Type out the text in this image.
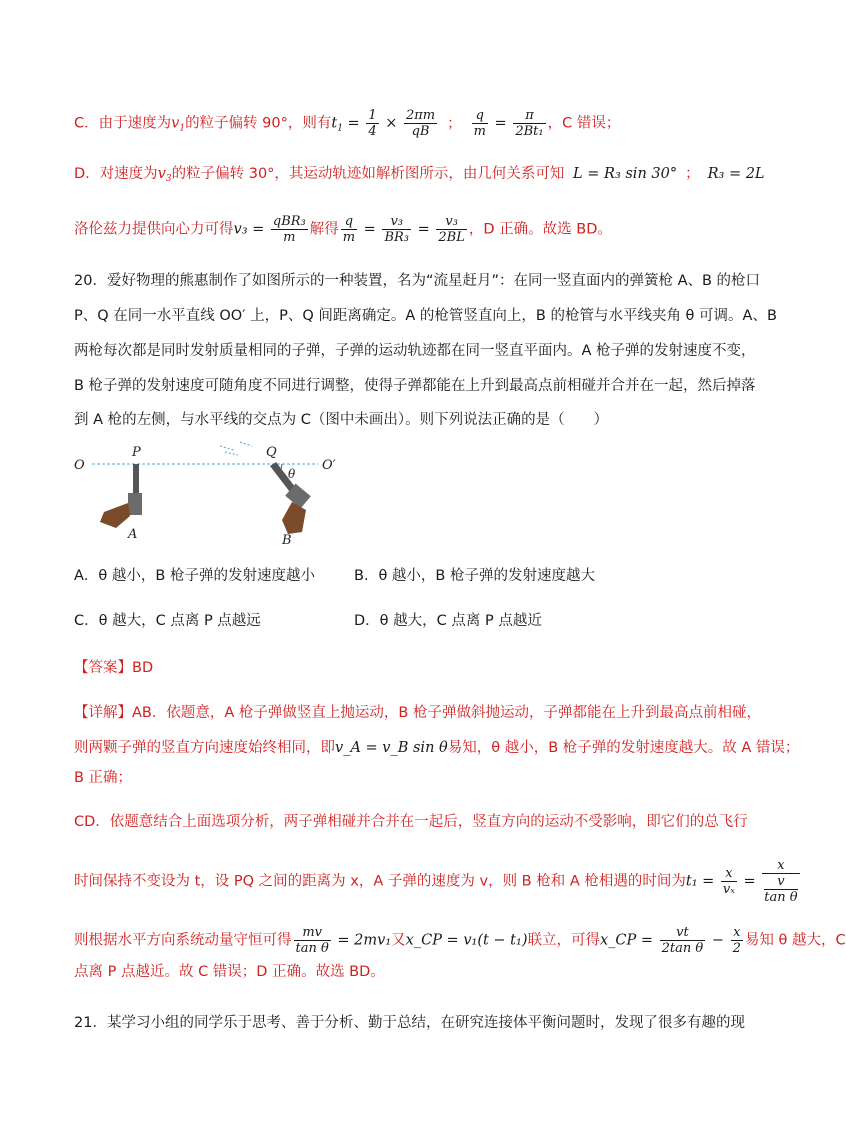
C．由于速度为$v_1$的粒子偏转 90°，则有$t_1 = \frac{1}{4} \times \frac{2\pi m}{qB}$ ； $\frac{q}{m} = \frac{\pi}{\text{2Bt₁}}$ ，C 错误；
D．对速度为$v_3$的粒子偏转 30°，其运动轨迹如解析图所示，由几何关系可知 L = R₃ sin 30° ； R₃ = 2L
洛伦兹力提供向心力可得$v_3 = \frac{\text{qBR₃}}{m}$ 解得 $\frac{q}{m} = \frac{\text{v₃}}{\text{BR₃}} = \frac{\text{v₃}}{2BL}$ ，D 正确。故选 BD。
20．爱好物理的熊惠制作了如图所示的一种装置，名为“流星赶月”：在同一竖直面内的弹簧枪 A、B 的枪口
P、Q 在同一水平直线 OO′ 上，P、Q 间距离确定。A 的枪管竖直向上，B 的枪管与水平线夹角 θ 可调。A、B
两枪每次都是同时发射质量相同的子弹，子弹的运动轨迹都在同一竖直平面内。A 枪子弹的发射速度不变，
B 枪子弹的发射速度可随角度不同进行调整，使得子弹都能在上升到最高点前相碰并合并在一起，然后掉落
到 A 枪的左侧，与水平线的交点为 C（图中未画出）。则下列说法正确的是（　　）
O
P	Q
θ
O′
A	B
A．θ 越小，B 枪子弹的发射速度越小	B．θ 越小，B 枪子弹的发射速度越大
C．θ 越大，C 点离 P 点越远	D．θ 越大，C 点离 P 点越近
【答案】BD
【详解】AB．依题意，A 枪子弹做竖直上抛运动，B 枪子弹做斜抛运动，子弹都能在上升到最高点前相碰，
则两颗子弹的竖直方向速度始终相同，即v_A = v_B sin θ易知，θ 越小，B 枪子弹的发射速度越大。故 A 错误；
B 正确；
CD．依题意结合上面选项分析，两子弹相碰并合并在一起后，竖直方向的运动不受影响，即它们的总飞行
时间保持不变设为 t，设 PQ 之间的距离为 x，A 子弹的速度为 v，则 B 枪和 A 枪相遇的时间为$t_1 = \frac{x}{\text{vₓ}} = x$
v
tan θ
则根据水平方向系统动量守恒可得 $\frac{mv}{\text{tan θ}} = 2mv_1$又x_CP = v₁(t − t₁)联立，可得x_CP = $\frac{vt}{\text{2tan θ}} - \frac{x}{2}$ 易知 θ 越大，C
点离 P 点越近。故 C 错误；D 正确。故选 BD。
21．某学习小组的同学乐于思考、善于分析、勤于总结，在研究连接体平衡问题时，发现了很多有趣的现
